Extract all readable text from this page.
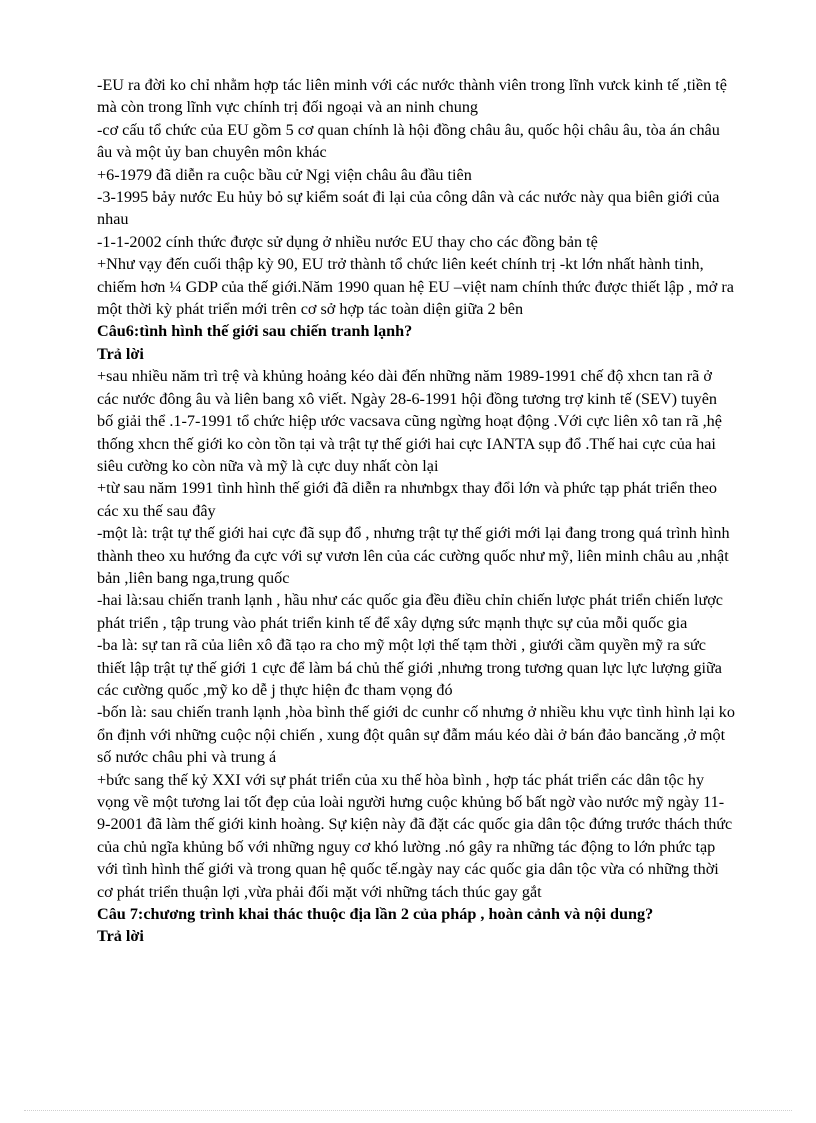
-EU ra đời ko chỉ nhằm hợp tác liên minh với các nước thành viên trong lĩnh vưck kinh tế ,tiền tệ mà còn trong lĩnh vực chính trị đối ngoại và an ninh chung

-cơ cấu tổ chức của EU gồm 5 cơ quan chính là hội đồng châu âu, quốc hội châu âu, tòa án châu âu và một ủy ban chuyên môn khác

+6-1979 đã diễn ra cuộc bầu cử Ngị viện châu âu đầu tiên

-3-1995 bảy nước Eu hủy bỏ sự kiểm soát đi lại của công dân và các nước này qua biên giới của nhau

-1-1-2002 cính thức được sử dụng ở nhiều nước EU thay cho các đồng bản tệ

+Như vạy đến cuối thập kỳ 90, EU trở thành tổ chức liên keét chính trị -kt lớn nhất hành tinh, chiếm hơn ¼ GDP của thế giới.Năm 1990 quan hệ EU –việt nam chính thức được thiết lập , mở ra một thời kỳ phát triển mới trên cơ sở hợp tác toàn diện giữa 2 bên

Câu6:tình hình thế giới sau chiến tranh lạnh?

Trả lời

+sau nhiều năm trì trệ và khủng hoảng kéo dài đến những năm 1989-1991 chế độ xhcn tan rã ở các nước đông âu và liên bang xô viết. Ngày 28-6-1991 hội đồng tương trợ kinh tế (SEV) tuyên bố giải thể .1-7-1991 tổ chức hiệp ước vacsava cũng ngừng hoạt động .Với cực liên xô tan rã ,hệ thống xhcn thế giới ko còn tồn tại và trật tự thế giới hai cực IANTA sụp đổ .Thế hai cực của hai siêu cường ko còn nữa và mỹ là cực duy nhất còn lại

+từ sau năm 1991 tình hình thế giới đã diễn ra nhưnbgx thay đổi lớn và phức tạp phát triển theo các xu thế sau đây

-một là: trật tự thế giới hai cực đã sụp đổ , nhưng trật tự thế giới mới lại đang trong quá trình hình thành theo xu hướng đa cực với sự vươn lên của các cường quốc như mỹ, liên minh châu au ,nhật bản ,liên bang nga,trung quốc

-hai là:sau chiến tranh lạnh , hầu như các quốc gia đều điều chỉn chiến lược phát triển chiến lược phát triển , tập trung vào phát triển kinh tế để xây dựng sức mạnh thực sự của mỗi quốc gia

-ba là: sự tan rã của liên xô đã tạo ra cho mỹ một lợi thế tạm thời , giưới cầm quyền mỹ ra sức thiết lập trật tự thế giới 1 cực để làm bá chủ thế giới ,nhưng trong tương quan lực lực lượng giữa các cường quốc ,mỹ ko dễ j thực hiện đc tham vọng đó

-bốn là: sau chiến tranh lạnh ,hòa bình thế giới dc cunhr cố nhưng ở nhiều khu vực tình hình lại ko ổn định với những cuộc nội chiến , xung đột quân sự đẫm máu kéo dài ở bán đảo bancăng ,ở một số nước châu phi và trung á

+bức sang thế kỷ XXI với sự phát triển của xu thế hòa bình , hợp tác phát triển các dân tộc hy vọng về một tương lai tốt đẹp của loài người hưng cuộc khủng bố bất ngờ vào nước mỹ ngày 11-9-2001 đã làm thế giới kinh hoàng. Sự kiện này đã đặt các quốc gia dân tộc đứng trước thách thức của chủ ngĩa khủng bố với những nguy cơ khó lường .nó gây ra những tác động to lớn phức tạp với tình hình thế giới và trong quan hệ quốc tế.ngày nay các quốc gia dân tộc vừa có những thời cơ phát triển thuận lợi ,vừa phải đối mặt với những tách thúc gay gắt

Câu 7:chương trình khai thác thuộc địa lần 2 của pháp , hoàn cảnh và nội dung?

Trả lời
